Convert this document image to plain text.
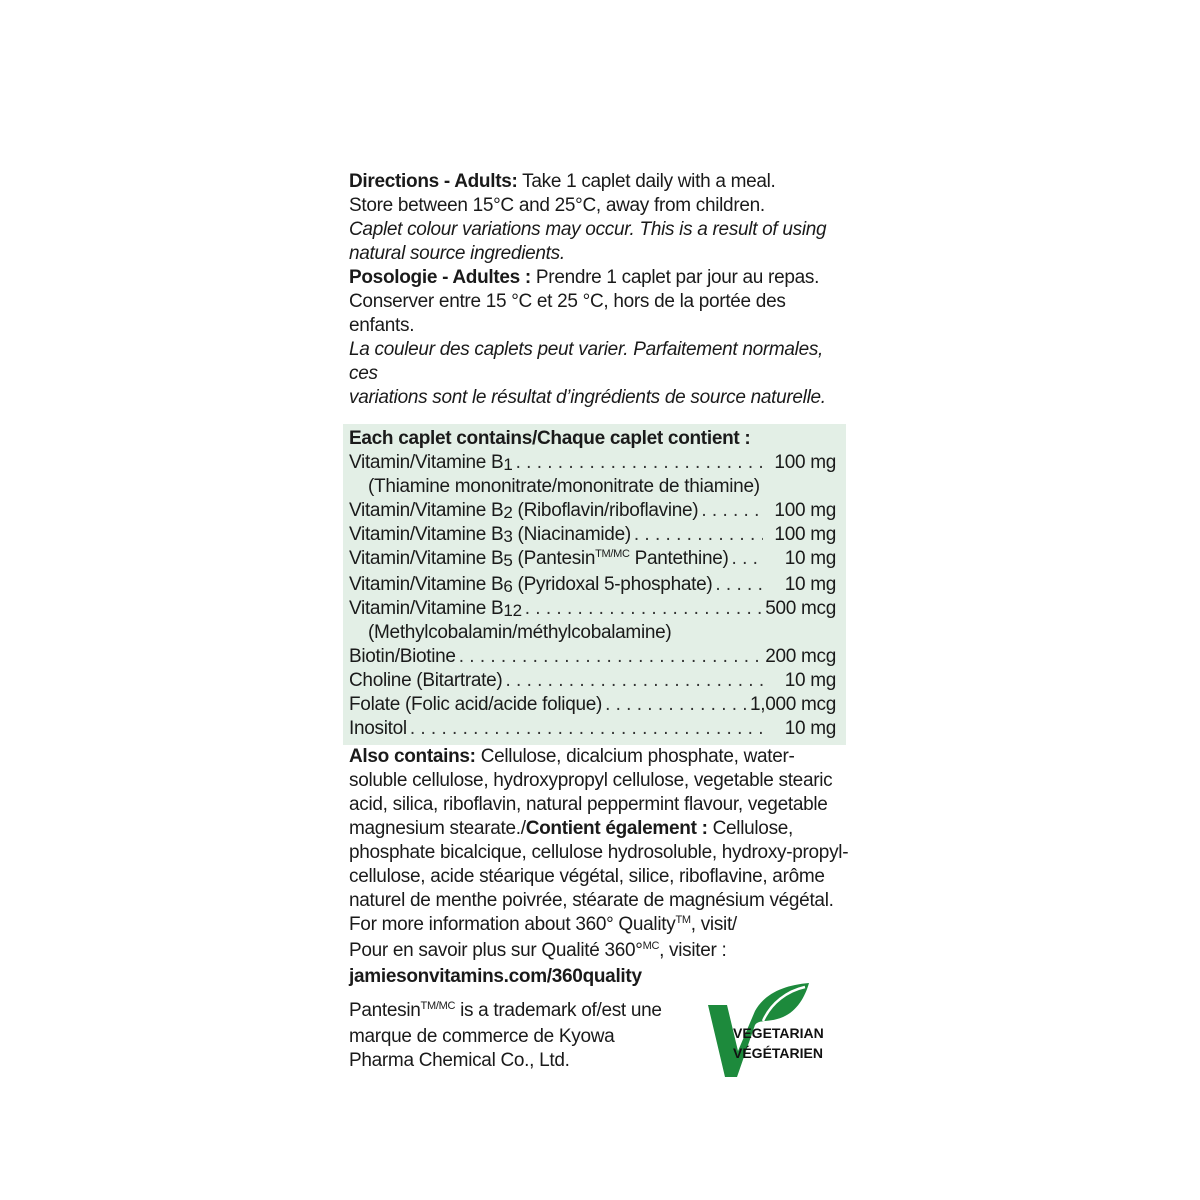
Directions - Adults: Take 1 caplet daily with a meal.
Store between 15°C and 25°C, away from children.
Caplet colour variations may occur. This is a result of using
natural source ingredients.

Posologie - Adultes : Prendre 1 caplet par jour au repas.
Conserver entre 15 °C et 25 °C, hors de la portée des enfants.
La couleur des caplets peut varier. Parfaitement normales, ces
variations sont le résultat d’ingrédients de source naturelle.

Each caplet contains/Chaque caplet contient :
Vitamin/Vitamine B1 . . .	100 mg
(Thiamine mononitrate/mononitrate de thiamine)
Vitamin/Vitamine B2 (Riboflavin/riboflavine) . . .	100 mg
Vitamin/Vitamine B3 (Niacinamide) . . .	100 mg
Vitamin/Vitamine B5 (Pantesin$^{TM/MC}$ Pantethine) . . .	10 mg
Vitamin/Vitamine B6 (Pyridoxal 5-phosphate) . . .	10 mg
Vitamin/Vitamine B12 . . .	500 mcg
(Methylcobalamin/méthylcobalamine)
Biotin/Biotine . . .	200 mcg
Choline (Bitartrate) . . .	10 mg
Folate (Folic acid/acide folique) . . .	1,000 mcg
Inositol . . .	10 mg

Also contains: Cellulose, dicalcium phosphate, water-soluble cellulose, hydroxypropyl cellulose, vegetable stearic acid, silica, riboflavin, natural peppermint flavour, vegetable magnesium stearate./Contient également : Cellulose, phosphate bicalcique, cellulose hydrosoluble, hydroxy-propyl-cellulose, acide stéarique végétal, silice, riboflavine, arôme naturel de menthe poivrée, stéarate de magnésium végétal.

For more information about 360° Quality™, visit/
Pour en savoir plus sur Qualité 360°$^{MC}$, visiter :
jamiesonvitamins.com/360quality

Pantesin$^{TM/MC}$ is a trademark of/est une marque de commerce de Kyowa Pharma Chemical Co., Ltd.

VEGETARIAN
VÉGÉTARIEN
